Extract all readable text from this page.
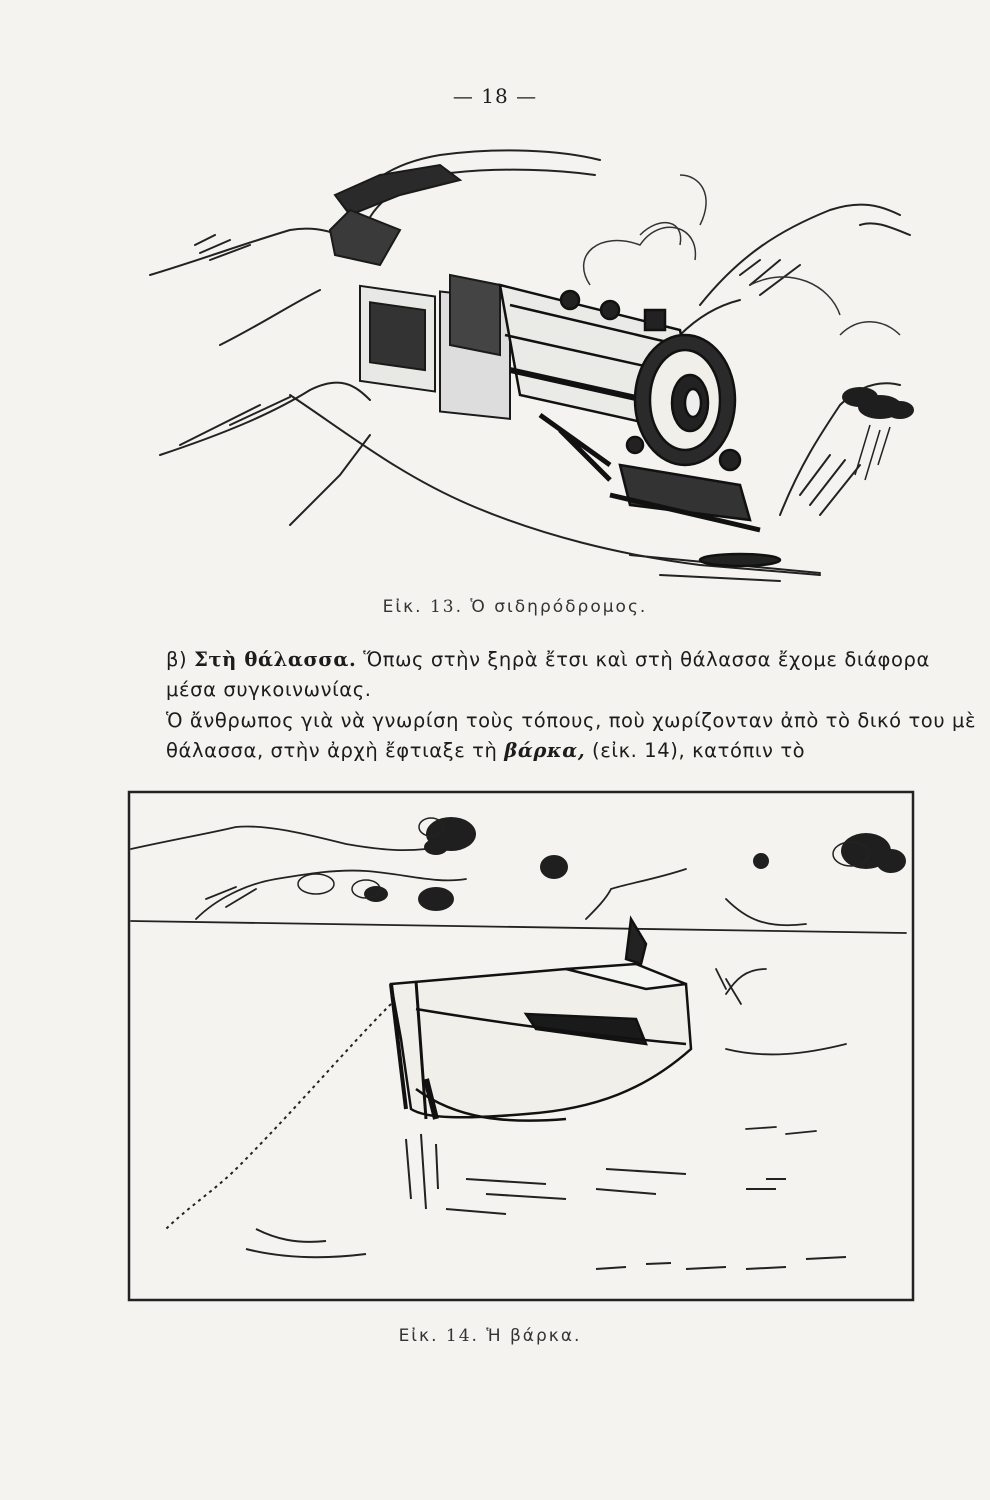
— 18 —
Εἰκ. 13. Ὁ σιδηρόδρομος.
β) Στὴ θάλασσα. Ὅπως στὴν ξηρὰ ἔτσι καὶ στὴ θάλασσα ἔχομε διάφορα μέσα συγκοινωνίας.
Ὁ ἄνθρωπος γιὰ νὰ γνωρίση τοὺς τόπους, ποὺ χωρίζονταν ἀπὸ τὸ δικό του μὲ θάλασσα, στὴν ἀρχὴ ἔφτιαξε τὴ βάρκα, (εἰκ. 14), κατόπιν τὸ
Εἰκ. 14. Ἡ βάρκα.
